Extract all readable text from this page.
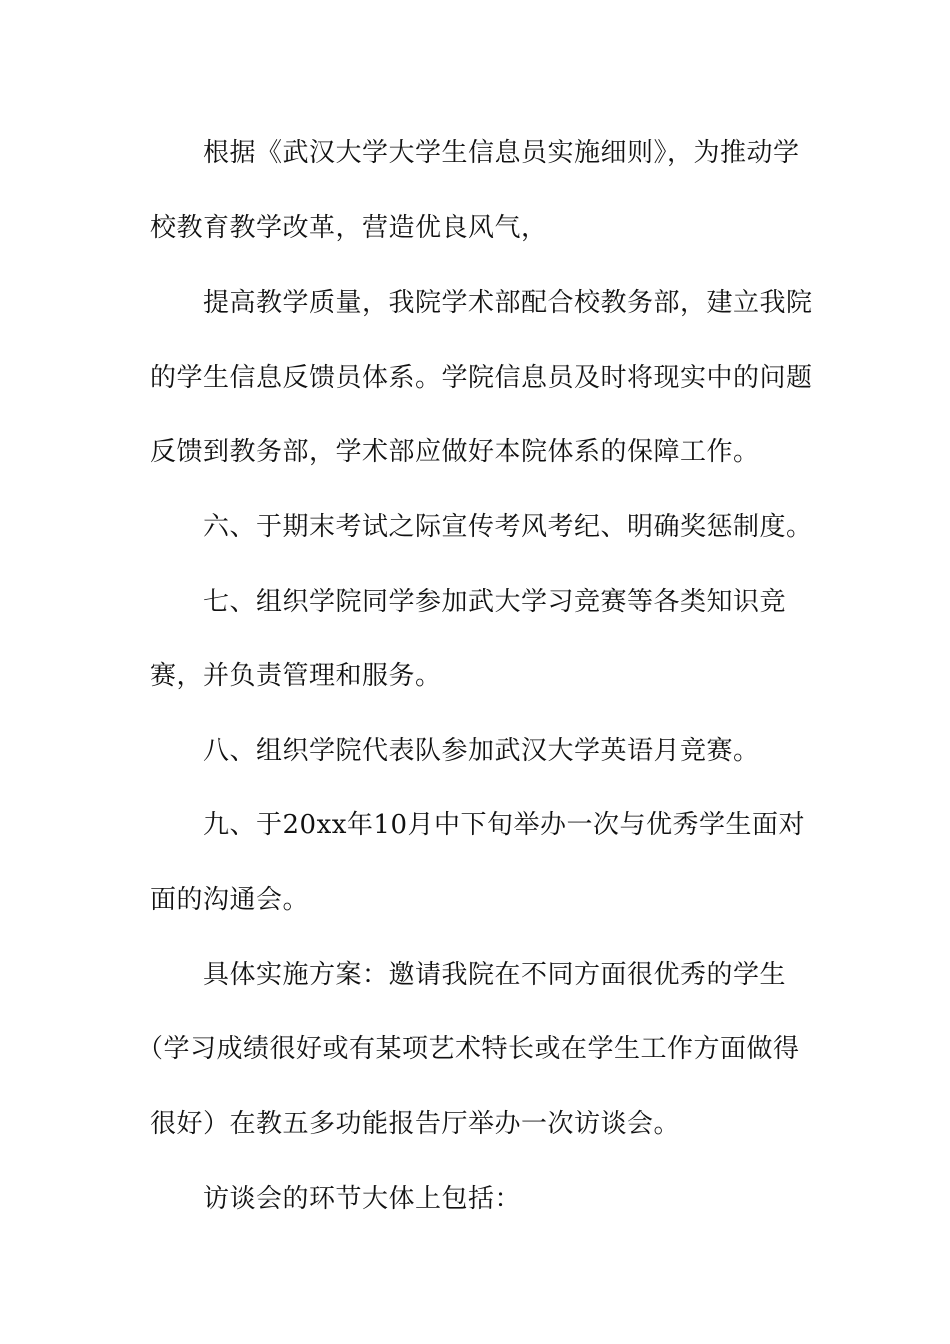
根据《武汉大学大学生信息员实施细则》，为推动学
校教育教学改革，营造优良风气，
提高教学质量，我院学术部配合校教务部，建立我院
的学生信息反馈员体系。学院信息员及时将现实中的问题
反馈到教务部，学术部应做好本院体系的保障工作。
六、于期末考试之际宣传考风考纪、明确奖惩制度。
七、组织学院同学参加武大学习竞赛等各类知识竞
赛，并负责管理和服务。
八、组织学院代表队参加武汉大学英语月竞赛。
九、于20xx年10月中下旬举办一次与优秀学生面对
面的沟通会。
具体实施方案：邀请我院在不同方面很优秀的学生
（学习成绩很好或有某项艺术特长或在学生工作方面做得
很好）在教五多功能报告厅举办一次访谈会。
访谈会的环节大体上包括：
